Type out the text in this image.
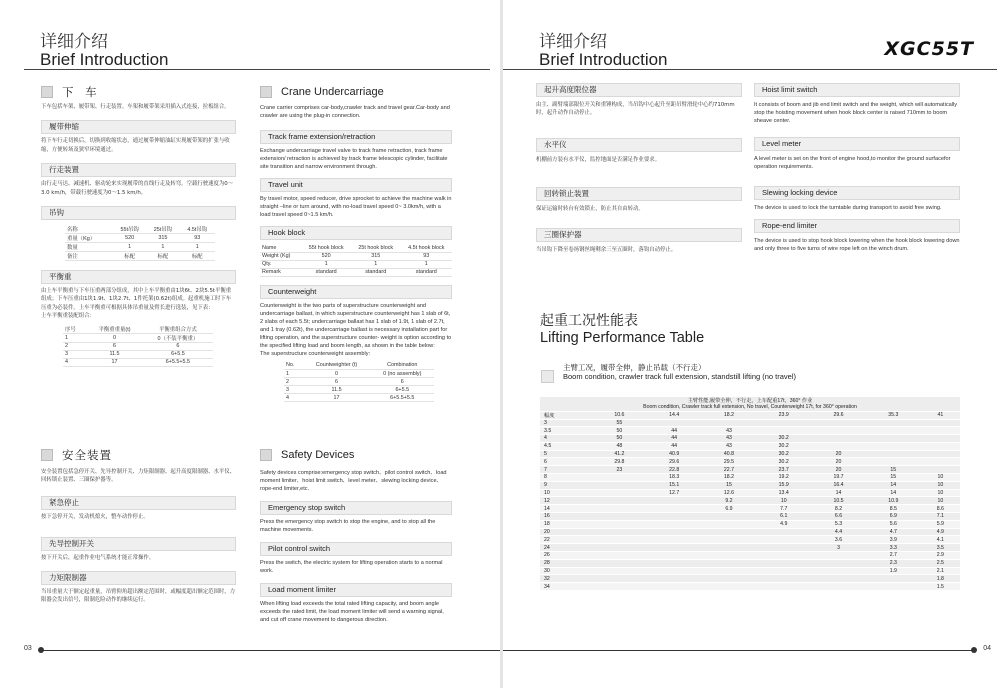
详细介绍
Brief Introduction
下 车
下车包括车架、履带架、行走装置。车架和履带架采用插入式连接，拉板组合。
履带伸缩
将下车行走切换后，切换到收缩状态，通过履带伸缩油缸实现履带架的扩张与收缩，方便转场及狭窄环境通过。
行走装置
由行走马达、减速机、驱动轮来实现履带的直线行走及转弯。空载行驶速度为0～3.0 km/h，带载行驶速度为0～1.5 km/h。
吊钩
名称	55t吊钩	25t吊钩	4.5t吊钩
重量（Kg）	520	315	93
数量	1	1	1
备注	标配	标配	标配
平衡重
由上车平衡重与下车压重两部分组成，其中上车平衡重由1块6t、2块5.5t平衡重组成；下车压重由1块1.9t、1块2.7t、1件托架(0.62t)组成。起重机施工时下车压重为必装件。上车平衡重可根据具体吊重量及臂长进行选装，见下表：
上车平衡重装配组合：
序号	平衡重重量(t)	平衡重组合方式
1	0	0（不装平衡重）
2	6	6
3	11.5	6+5.5
4	17	6+5.5+5.5
安全装置
安全装置包括急停开关、先导控制开关、力矩限制器、起升高度限制器、水平仪、回转锁止装置、三圈保护器等。
紧急停止
按下急停开关，发动机熄火，整车动作停止。
先导控制开关
按下开关后，起重作业电气系统才能正常操作。
力矩限制器
当吊重量大于额定起重量，吊臂仰角超出额定范围时，或幅度超出额定范围时，力限器会发出信号，限制危险动作的继续运行。
Crane Undercarriage
Crane carrier comprises car-body,crawler track and travel gear.Car-body and crawler are using the plug-in connection.
Track frame extension/retraction
Exchange undercarriage travel valve to track frame retraction, track frame extension/ retraction is achieved by track frame telescopic cylinder, facilitate site transition and narrow environment through.
Travel unit
By travel motor, speed reducer, drive sprocket to achieve the machine walk in straight –line or turn around, with no-load travel speed 0~ 3.0km/h, with a load travel speed 0~1.5 km/h.
Hook block
Name	55t hook block	25t hook block	4.5t hook block
Weight (Kg)	520	315	93
Qty.	1	1	1
Remark	standard	standard	standard
Counterweight
Counterweight is the two parts of superstructure counterweight and undercarriage ballast, in which superstructure counterweight has 1 slab of 6t, 2 slabs of each 5.5t; undercarriage ballast has 1 slab of 1.9t, 1 slab of 2.7t, and 1 tray (0.62t), the undercarriage ballast is necessary installation part for lifting operation, and the superstructure counter- weight is option according to the specified lifting load and boom length, as shown in the table below:
The superstructure counterweight assembly:
No.	Countweighter (t)	Combination
1	0	0 (no assembly)
2	6	6
3	11.5	6+5.5
4	17	6+5.5+5.5
Safety Devices
Safety devices comprise:emergency stop switch、pilot control switch、load moment limiter、hoist limit switch、level meter、slewing locking device、rope-end limiter,etc.
Emergency stop switch
Press the emergency stop switch to stop the engine, and to stop all the machine movements.
Pilot control switch
Press the switch, the electric system for lifting operation starts to a normal work.
Load moment limiter
When lifting load exceeds the total rated lifting capacity, and boom angle exceeds the rated limit, the load moment limiter will send a warning signal, and cut off crane movement to dangerous direction.
03
详细介绍
Brief Introduction	XGC55T
起升高度限位器
由主、副臂端部限位开关和重锤构成，当吊钩中心起升至距吊臂滑轮中心约710mm时，起升动作自动停止。
水平仪
机棚前方装有水平仪，监控地面是否满足作业要求。
回转锁止装置
保证运输时转台有效锁止，防止其自由转动。
三圈保护器
当吊钩下降至卷扬钢丝绳剩余三至五圈时，落钩自动停止。
Hoist limit switch
It consists of boom and jib end limit switch and the weight, which will automatically stop the hoisting movement when hook block center is raised 710mm to boom sheave center.
Level meter
A level meter is set on the front of engine hood,to monitor the ground surfacefor operation requirements.
Slewing locking device
The device is used to lock the turntable during transport to avoid free swing.
Rope-end limiter
The device is used to stop hook block lowering when the hook block lowering down and only three to five turns of wire rope left on the winch drum.
起重工况性能表
Lifting Performance Table
主臂工况，履带全伸，静止吊载（不行走）
Boom condition, crawler track full extension, standstill lifting (no travel)
主臂性能,履带全伸，不行走，上车配重17t，360° 作业
Boom condition, Crawler track full extension, No travel, Counterweight 17t, for 360° operation							

幅度	10.6	14.4	18.2	23.9	29.6	35.3	41
3	55						
3.5	50	44	43				
4	50	44	43	30.2			
4.5	48	44	43	30.2			
5	41.2	40.9	40.8	30.2	20		
6	29.8	29.6	29.5	30.2	20		
7	23	22.8	22.7	23.7	20	15	
8		18.3	18.2	19.2	19.7	15	10
9		15.1	15	15.9	16.4	14	10
10		12.7	12.6	13.4	14	14	10
12			9.2	10	10.5	10.9	10
14			6.9	7.7	8.2	8.5	8.6
16				6.1	6.6	6.9	7.1
18				4.9	5.3	5.6	5.9
20					4.4	4.7	4.9
22					3.6	3.9	4.1
24					3	3.3	3.5
26						2.7	2.9
28						2.3	2.5
30						1.9	2.1
32							1.8
34							1.5
04
